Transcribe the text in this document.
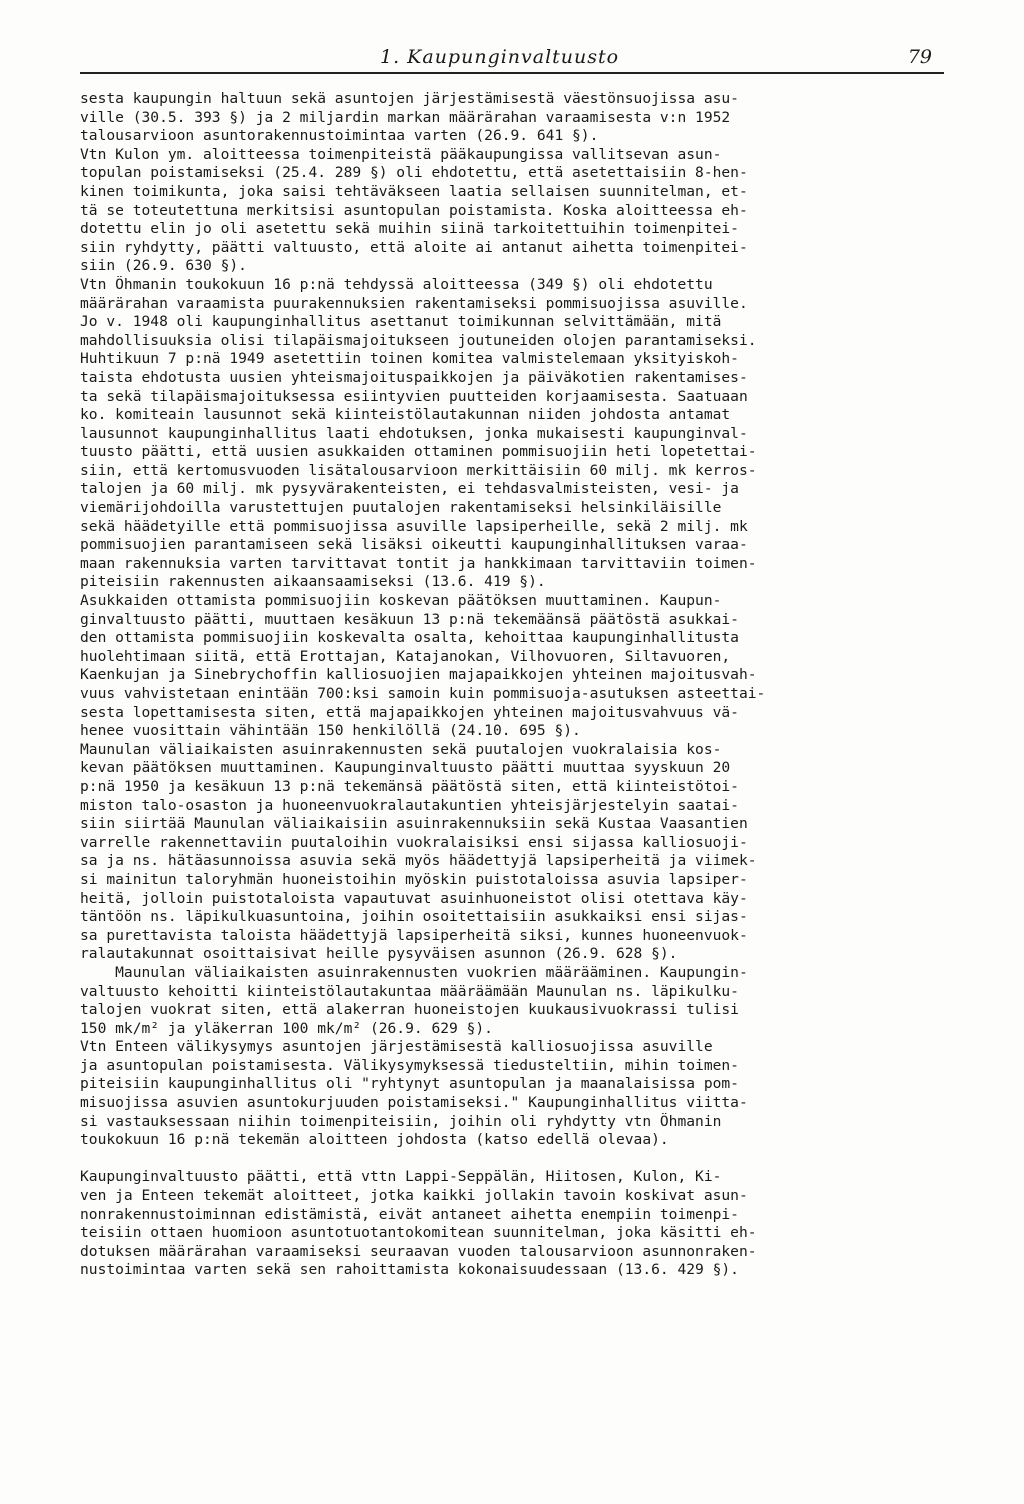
1. Kaupunginvaltuusto	79
sesta kaupungin haltuun sekä asuntojen järjestämisestä väestönsuojissa asu-
ville (30.5. 393 §) ja 2 miljardin markan määrärahan varaamisesta v:n 1952
talousarvioon asuntorakennustoimintaa varten (26.9. 641 §).
Vtn Kulon ym. aloitteessa toimenpiteistä pääkaupungissa vallitsevan asun-
topulan poistamiseksi (25.4. 289 §) oli ehdotettu, että asetettaisiin 8-hen-
kinen toimikunta, joka saisi tehtäväkseen laatia sellaisen suunnitelman, et-
tä se toteutettuna merkitsisi asuntopulan poistamista. Koska aloitteessa eh-
dotettu elin jo oli asetettu sekä muihin siinä tarkoitettuihin toimenpitei-
siin ryhdytty, päätti valtuusto, että aloite ai antanut aihetta toimenpitei-
siin (26.9. 630 §).
Vtn Öhmanin toukokuun 16 p:nä tehdyssä aloitteessa (349 §) oli ehdotettu
määrärahan varaamista puurakennuksien rakentamiseksi pommisuojissa asuville.
Jo v. 1948 oli kaupunginhallitus asettanut toimikunnan selvittämään, mitä
mahdollisuuksia olisi tilapäismajoitukseen joutuneiden olojen parantamiseksi.
Huhtikuun 7 p:nä 1949 asetettiin toinen komitea valmistelemaan yksityiskoh-
taista ehdotusta uusien yhteismajoituspaikkojen ja päiväkotien rakentamises-
ta sekä tilapäismajoituksessa esiintyvien puutteiden korjaamisesta. Saatuaan
ko. komiteain lausunnot sekä kiinteistölautakunnan niiden johdosta antamat
lausunnot kaupunginhallitus laati ehdotuksen, jonka mukaisesti kaupunginval-
tuusto päätti, että uusien asukkaiden ottaminen pommisuojiin heti lopetettai-
siin, että kertomusvuoden lisätalousarvioon merkittäisiin 60 milj. mk kerros-
talojen ja 60 milj. mk pysyvärakenteisten, ei tehdasvalmisteisten, vesi- ja
viemärijohdoilla varustettujen puutalojen rakentamiseksi helsinkiläisille
sekä häädetyille että pommisuojissa asuville lapsiperheille, sekä 2 milj. mk
pommisuojien parantamiseen sekä lisäksi oikeutti kaupunginhallituksen varaa-
maan rakennuksia varten tarvittavat tontit ja hankkimaan tarvittaviin toimen-
piteisiin rakennusten aikaansaamiseksi (13.6. 419 §).
Asukkaiden ottamista pommisuojiin koskevan päätöksen muuttaminen. Kaupun-
ginvaltuusto päätti, muuttaen kesäkuun 13 p:nä tekemäänsä päätöstä asukkai-
den ottamista pommisuojiin koskevalta osalta, kehoittaa kaupunginhallitusta
huolehtimaan siitä, että Erottajan, Katajanokan, Vilhovuoren, Siltavuoren,
Kaenkujan ja Sinebrychoffin kalliosuojien majapaikkojen yhteinen majoitusvah-
vuus vahvistetaan enintään 700:ksi samoin kuin pommisuoja-asutuksen asteettai-
sesta lopettamisesta siten, että majapaikkojen yhteinen majoitusvahvuus vä-
henee vuosittain vähintään 150 henkilöllä (24.10. 695 §).
Maunulan väliaikaisten asuinrakennusten sekä puutalojen vuokralaisia kos-
kevan päätöksen muuttaminen. Kaupunginvaltuusto päätti muuttaa syyskuun 20
p:nä 1950 ja kesäkuun 13 p:nä tekemänsä päätöstä siten, että kiinteistötoi-
miston talo-osaston ja huoneenvuokralautakuntien yhteisjärjestelyin saatai-
siin siirtää Maunulan väliaikaisiin asuinrakennuksiin sekä Kustaa Vaasantien
varrelle rakennettaviin puutaloihin vuokralaisiksi ensi sijassa kalliosuoji-
sa ja ns. hätäasunnoissa asuvia sekä myös häädettyjä lapsiperheitä ja viimek-
si mainitun taloryhmän huoneistoihin myöskin puistotaloissa asuvia lapsiper-
heitä, jolloin puistotaloista vapautuvat asuinhuoneistot olisi otettava käy-
täntöön ns. läpikulkuasuntoina, joihin osoitettaisiin asukkaiksi ensi sijas-
sa purettavista taloista häädettyjä lapsiperheitä siksi, kunnes huoneenvuok-
ralautakunnat osoittaisivat heille pysyväisen asunnon (26.9. 628 §).
Maunulan väliaikaisten asuinrakennusten vuokrien määrääminen. Kaupungin-
valtuusto kehoitti kiinteistölautakuntaa määräämään Maunulan ns. läpikulku-
talojen vuokrat siten, että alakerran huoneistojen kuukausivuokrassi tulisi
150 mk/m² ja yläkerran 100 mk/m² (26.9. 629 §).
Vtn Enteen välikysymys asuntojen järjestämisestä kalliosuojissa asuville
ja asuntopulan poistamisesta. Välikysymyksessä tiedusteltiin, mihin toimen-
piteisiin kaupunginhallitus oli "ryhtynyt asuntopulan ja maanalaisissa pom-
misuojissa asuvien asuntokurjuuden poistamiseksi." Kaupunginhallitus viitta-
si vastauksessaan niihin toimenpiteisiin, joihin oli ryhdytty vtn Öhmanin
toukokuun 16 p:nä tekemän aloitteen johdosta (katso edellä olevaa).
Kaupunginvaltuusto päätti, että vttn Lappi-Seppälän, Hiitosen, Kulon, Ki-
ven ja Enteen tekemät aloitteet, jotka kaikki jollakin tavoin koskivat asun-
nonrakennustoiminnan edistämistä, eivät antaneet aihetta enempiin toimenpi-
teisiin ottaen huomioon asuntotuotantokomitean suunnitelman, joka käsitti eh-
dotuksen määrärahan varaamiseksi seuraavan vuoden talousarvioon asunnonraken-
nustoimintaa varten sekä sen rahoittamista kokonaisuudessaan (13.6. 429 §).
